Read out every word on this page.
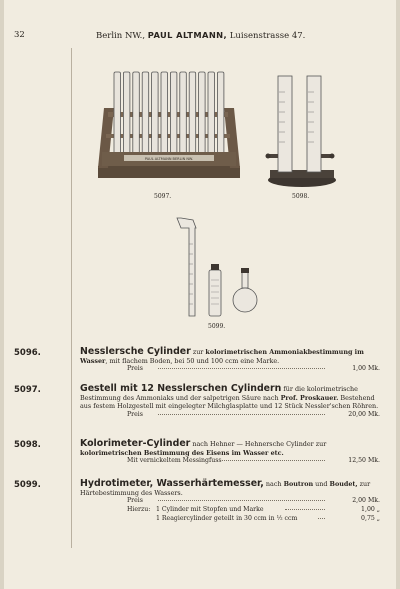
32	Berlin NW., PAUL ALTMANN, Luisenstrasse 47.
PAUL ALTMANN BERLIN NW.
5097.	5098.
5099.
5096.	Nesslersche Cylinder zur kolorimetrischen Ammoniakbestimmung im Wasser, mit flachem Boden, bei 50 und 100 ccm eine Marke.
Preis	1,00 Mk.
5097.	Gestell mit 12 Nesslerschen Cylindern für die kolorimetrische Bestimmung des Ammoniaks und der salpetrigen Säure nach Prof. Proskauer. Bestehend aus festem Holzgestell mit eingelegter Milchglasplatte und 12 Stück Nessler'schen Röhren.
Preis	20,00 Mk.
5098.	Kolorimeter-Cylinder nach Hehner — Hehnersche Cylinder zur kolorimetrischen Bestimmung des Eisens im Wasser etc.
Mit vernickeltem Messingfuss	12,50 Mk.
5099.	Hydrotimeter, Wasserhärtemesser, nach Boutron und Boudet, zur Härtebestimmung des Wassers.
Preis	2,00 Mk.
Hierzu: 1 Cylinder mit Stopfen und Marke	1,00 „
1 Reagiercylinder geteilt in 30 ccm in ½ ccm	0,75 „
